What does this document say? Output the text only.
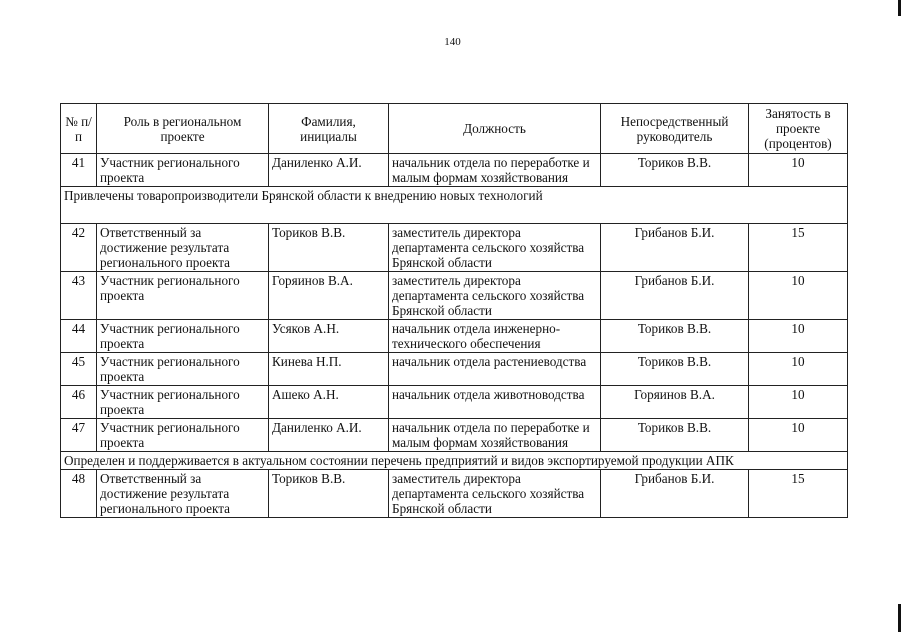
140
№ п/п	Роль в региональном проекте	Фамилия, инициалы	Должность	Непосредственный руководитель	Занятость в проекте (процентов)
41	Участник регионального проекта	Даниленко А.И.	начальник отдела по переработке и малым формам хозяйствования	Ториков В.В.	10
Привлечены товаропроизводители Брянской области к внедрению новых технологий					
42	Ответственный за достижение результата регионального проекта	Ториков В.В.	заместитель директора департамента сельского хозяйства Брянской области	Грибанов Б.И.	15
43	Участник регионального проекта	Горяинов В.А.	заместитель директора департамента сельского хозяйства Брянской области	Грибанов Б.И.	10
44	Участник регионального проекта	Усяков А.Н.	начальник отдела инженерно-технического обеспечения	Ториков В.В.	10
45	Участник регионального проекта	Кинева Н.П.	начальник отдела растениеводства	Ториков В.В.	10
46	Участник регионального проекта	Ашеко А.Н.	начальник отдела животноводства	Горяинов В.А.	10
47	Участник регионального проекта	Даниленко А.И.	начальник отдела по переработке и малым формам хозяйствования	Ториков В.В.	10
Определен и поддерживается в актуальном состоянии перечень предприятий и видов экспортируемой продукции АПК					
48	Ответственный за достижение результата регионального проекта	Ториков В.В.	заместитель директора департамента сельского хозяйства Брянской области	Грибанов Б.И.	15
